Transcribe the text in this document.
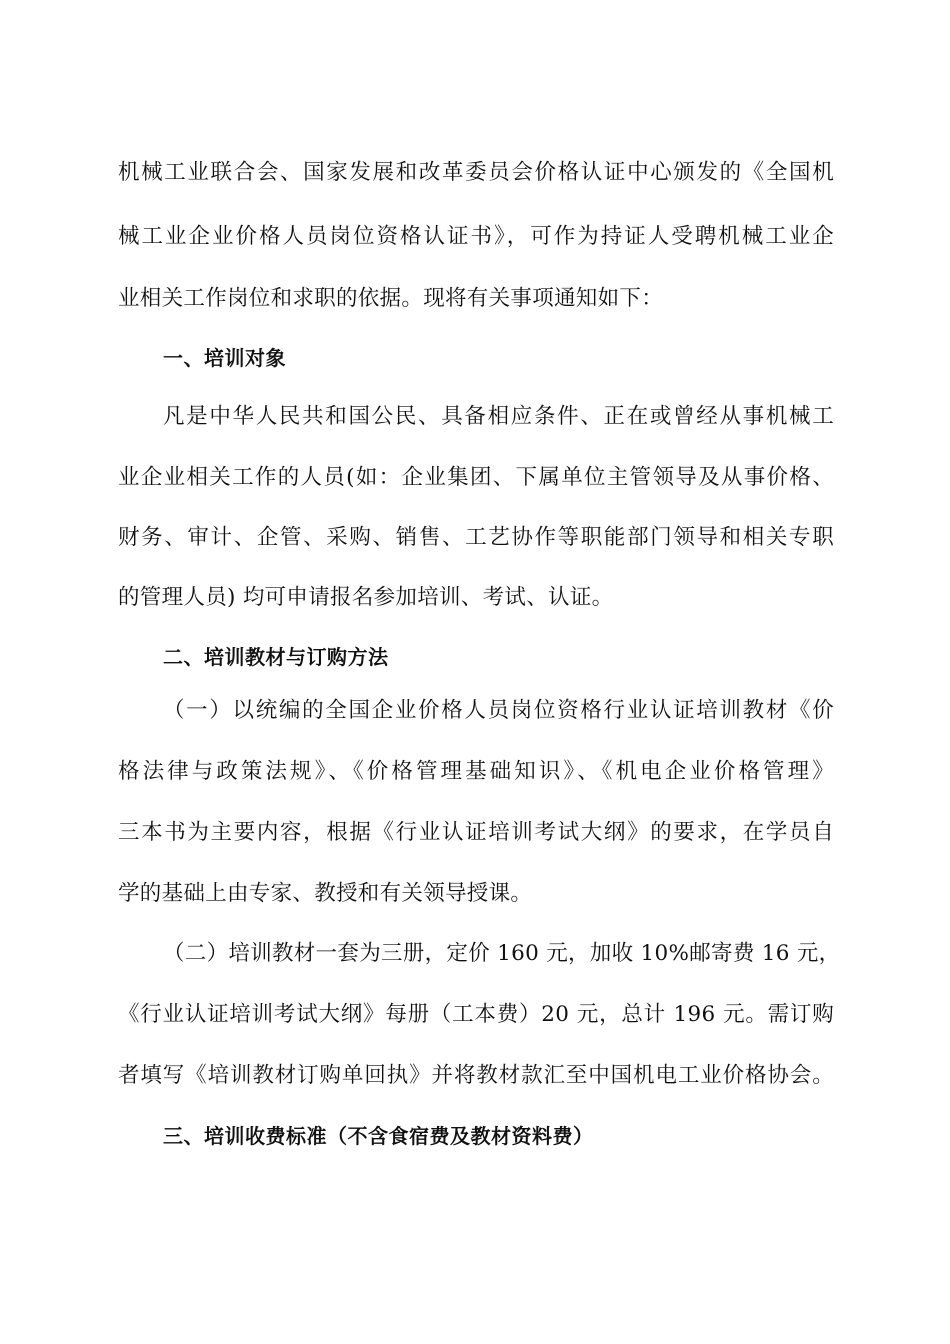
机械工业联合会、国家发展和改革委员会价格认证中心颁发的《全国机
械工业企业价格人员岗位资格认证书》，可作为持证人受聘机械工业企
业相关工作岗位和求职的依据。现将有关事项通知如下：
一、培训对象
凡是中华人民共和国公民、具备相应条件、正在或曾经从事机械工
业企业相关工作的人员(如：企业集团、下属单位主管领导及从事价格、
财务、审计、企管、采购、销售、工艺协作等职能部门领导和相关专职
的管理人员) 均可申请报名参加培训、考试、认证。
二、培训教材与订购方法
（一）以统编的全国企业价格人员岗位资格行业认证培训教材《价
格法律与政策法规》、《价格管理基础知识》、《机电企业价格管理》
三本书为主要内容，根据《行业认证培训考试大纲》的要求，在学员自
学的基础上由专家、教授和有关领导授课。
（二）培训教材一套为三册，定价 160 元，加收 10%邮寄费 16 元，
《行业认证培训考试大纲》每册（工本费）20 元，总计 196 元。需订购
者填写《培训教材订购单回执》并将教材款汇至中国机电工业价格协会。
三、培训收费标准（不含食宿费及教材资料费）
